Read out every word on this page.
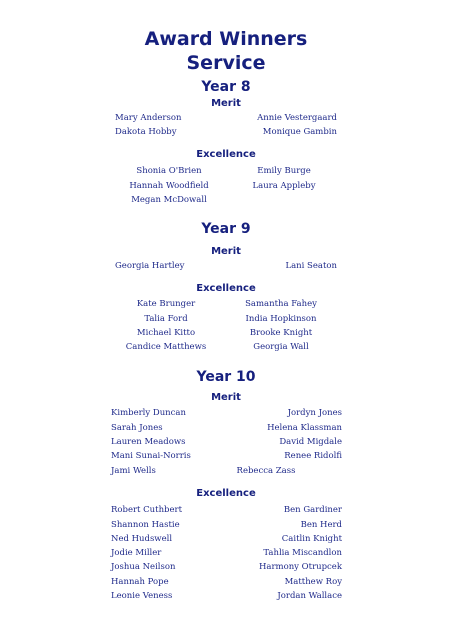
Award Winners
Service
Year 8
Merit
Mary Anderson	Annie Vestergaard
Dakota Hobby	Monique Gambin
Excellence
Shonia O'Brien	Emily Burge
Hannah Woodfield	Laura Appleby
Megan McDowall
Year 9
Merit
Georgia Hartley	Lani Seaton
Excellence
Kate Brunger	Samantha Fahey
Talia Ford	India Hopkinson
Michael Kitto	Brooke Knight
Candice Matthews	Georgia Wall
Year 10
Merit
Kimberly Duncan	Jordyn Jones
Sarah Jones	Helena Klassman
Lauren Meadows	David Migdale
Mani Sunai-Norris	Renee Ridolfi
Jami Wells	Rebecca Zass
Excellence
Robert Cuthbert	Ben Gardiner
Shannon Hastie	Ben Herd
Ned Hudswell	Caitlin Knight
Jodie Miller	Tahlia Miscandlon
Joshua Neilson	Harmony Otrupcek
Hannah Pope	Matthew Roy
Leonie Veness	Jordan Wallace
